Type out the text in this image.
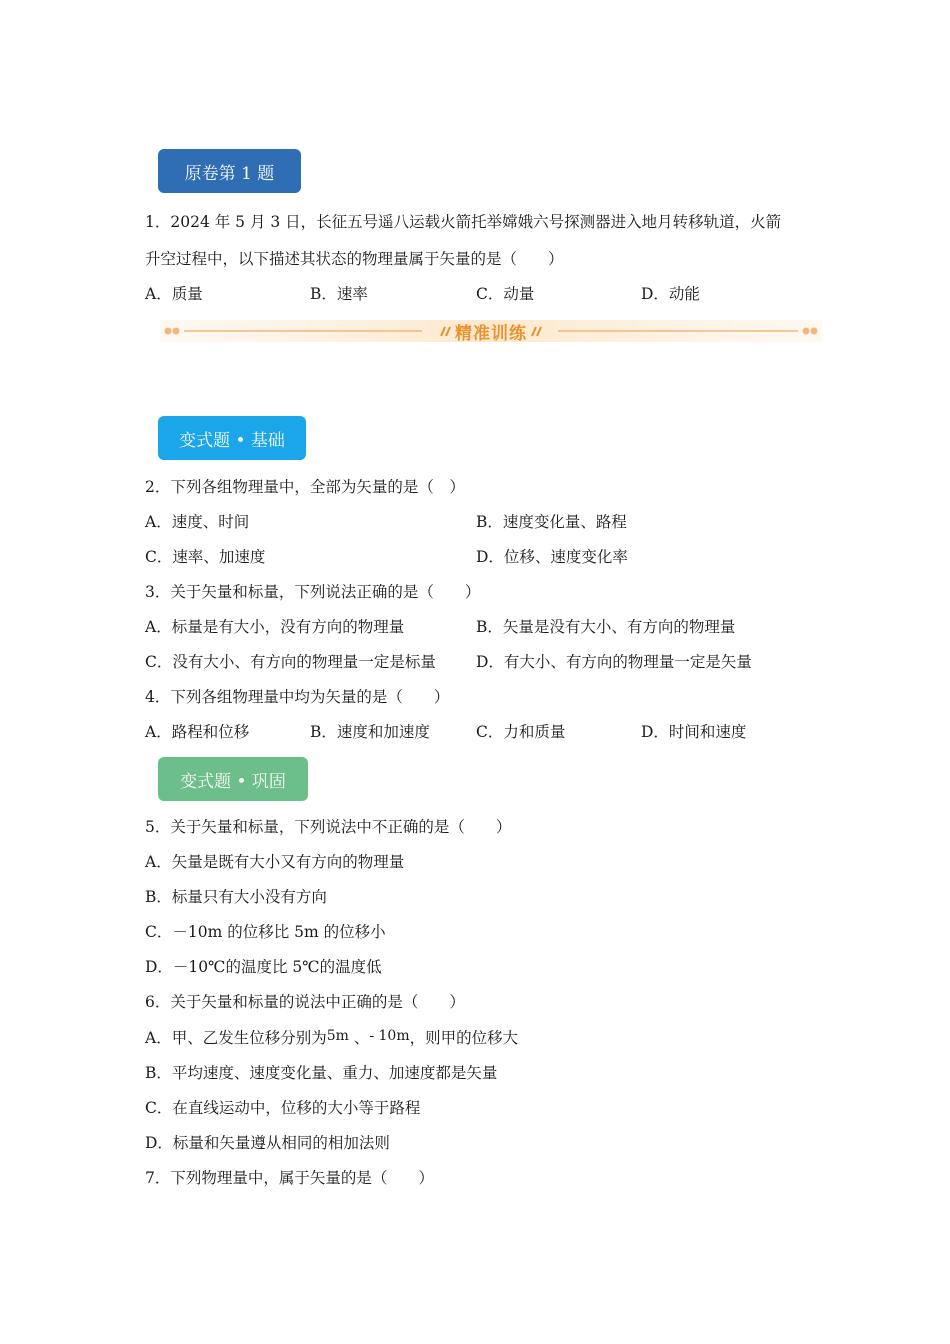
原卷第 1 题
1．2024 年 5 月 3 日，长征五号遥八运载火箭托举嫦娥六号探测器进入地月转移轨道，火箭
升空过程中，以下描述其状态的物理量属于矢量的是（　　）
A．质量	B．速率	C．动量	D．动能
精准训练
变式题 • 基础
2．下列各组物理量中，全部为矢量的是（　）
A．速度、时间	B．速度变化量、路程
C．速率、加速度	D．位移、速度变化率
3．关于矢量和标量，下列说法正确的是（　　）
A．标量是有大小，没有方向的物理量	B．矢量是没有大小、有方向的物理量
C．没有大小、有方向的物理量一定是标量	D．有大小、有方向的物理量一定是矢量
4．下列各组物理量中均为矢量的是（　　）
A．路程和位移	B．速度和加速度	C．力和质量	D．时间和速度
变式题 • 巩固
5．关于矢量和标量，下列说法中不正确的是（　　）
A．矢量是既有大小又有方向的物理量
B．标量只有大小没有方向
C．－10m 的位移比 5m 的位移小
D．－10℃的温度比 5℃的温度低
6．关于矢量和标量的说法中正确的是（　　）
A．甲、乙发生位移分别为5m 、- 10m，则甲的位移大
B．平均速度、速度变化量、重力、加速度都是矢量
C．在直线运动中，位移的大小等于路程
D．标量和矢量遵从相同的相加法则
7．下列物理量中，属于矢量的是（　　）
